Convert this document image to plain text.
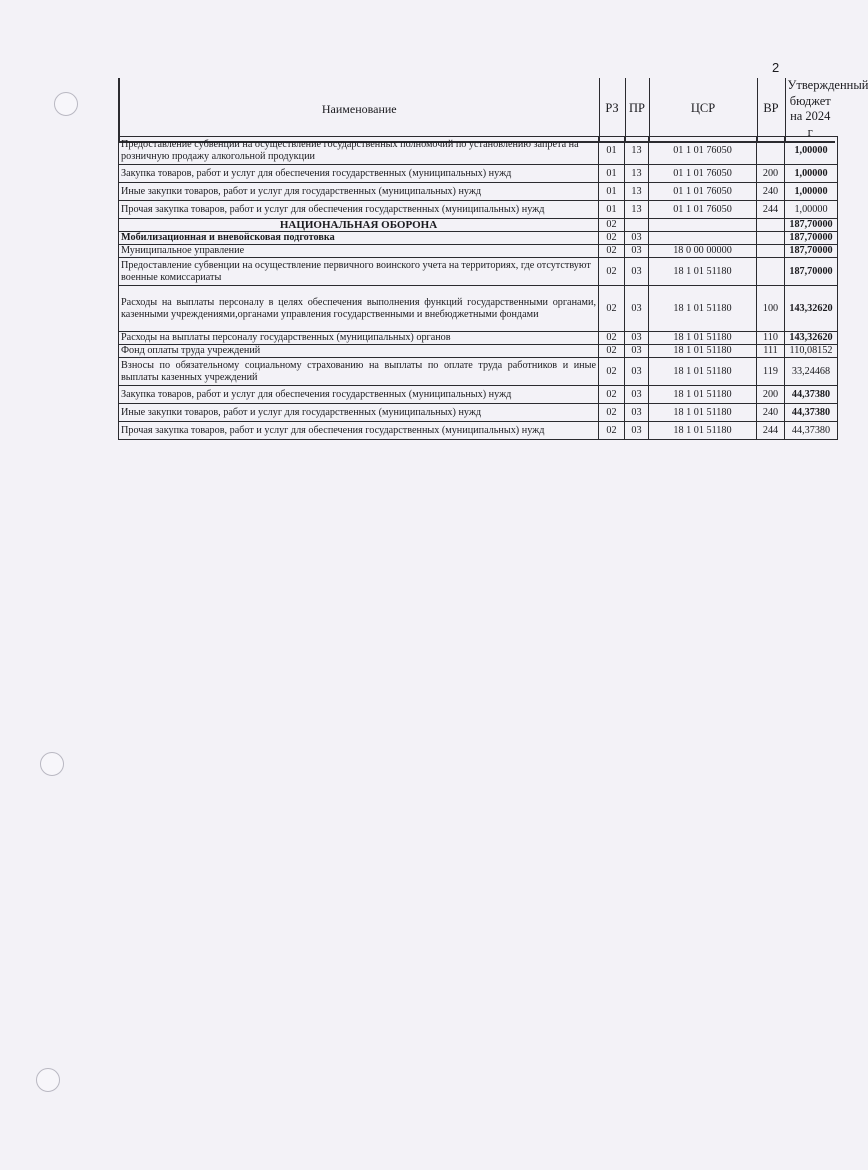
2
Наименование	РЗ	ПР	ЦСР	ВР	Утвержденный бюджет на 2024 г
Предоставление субвенции на осуществление государственных полномочий по установлению запрета на розничную продажу алкогольной продукции	01	13	01 1 01 76050		1,00000
Закупка товаров, работ и услуг для обеспечения государственных (муниципальных) нужд	01	13	01 1 01 76050	200	1,00000
Иные закупки товаров, работ и услуг для государственных (муниципальных) нужд	01	13	01 1 01 76050	240	1,00000
Прочая закупка товаров, работ и услуг для обеспечения государственных (муниципальных) нужд	01	13	01 1 01 76050	244	1,00000
НАЦИОНАЛЬНАЯ ОБОРОНА	02				187,70000
Мобилизационная и вневойсковая подготовка	02	03			187,70000
Муниципальное управление	02	03	18 0 00 00000		187,70000
Предоставление субвенции на осуществление первичного воинского учета на территориях, где отсутствуют военные комиссариаты	02	03	18 1 01 51180		187,70000
Расходы на выплаты персоналу в целях обеспечения выполнения функций государственными органами, казенными учреждениями,органами управления государственными и внебюджетными фондами	02	03	18 1 01 51180	100	143,32620
Расходы на выплаты персоналу государственных (муниципальных) органов	02	03	18 1 01 51180	110	143,32620
Фонд оплаты труда учреждений	02	03	18 1 01 51180	111	110,08152
Взносы по обязательному социальному страхованию на выплаты по оплате труда работников и иные выплаты казенных учреждений	02	03	18 1 01 51180	119	33,24468
Закупка товаров, работ и услуг для обеспечения государственных (муниципальных) нужд	02	03	18 1 01 51180	200	44,37380
Иные закупки товаров, работ и услуг для государственных (муниципальных) нужд	02	03	18 1 01 51180	240	44,37380
Прочая закупка товаров, работ и услуг для обеспечения государственных (муниципальных) нужд	02	03	18 1 01 51180	244	44,37380
